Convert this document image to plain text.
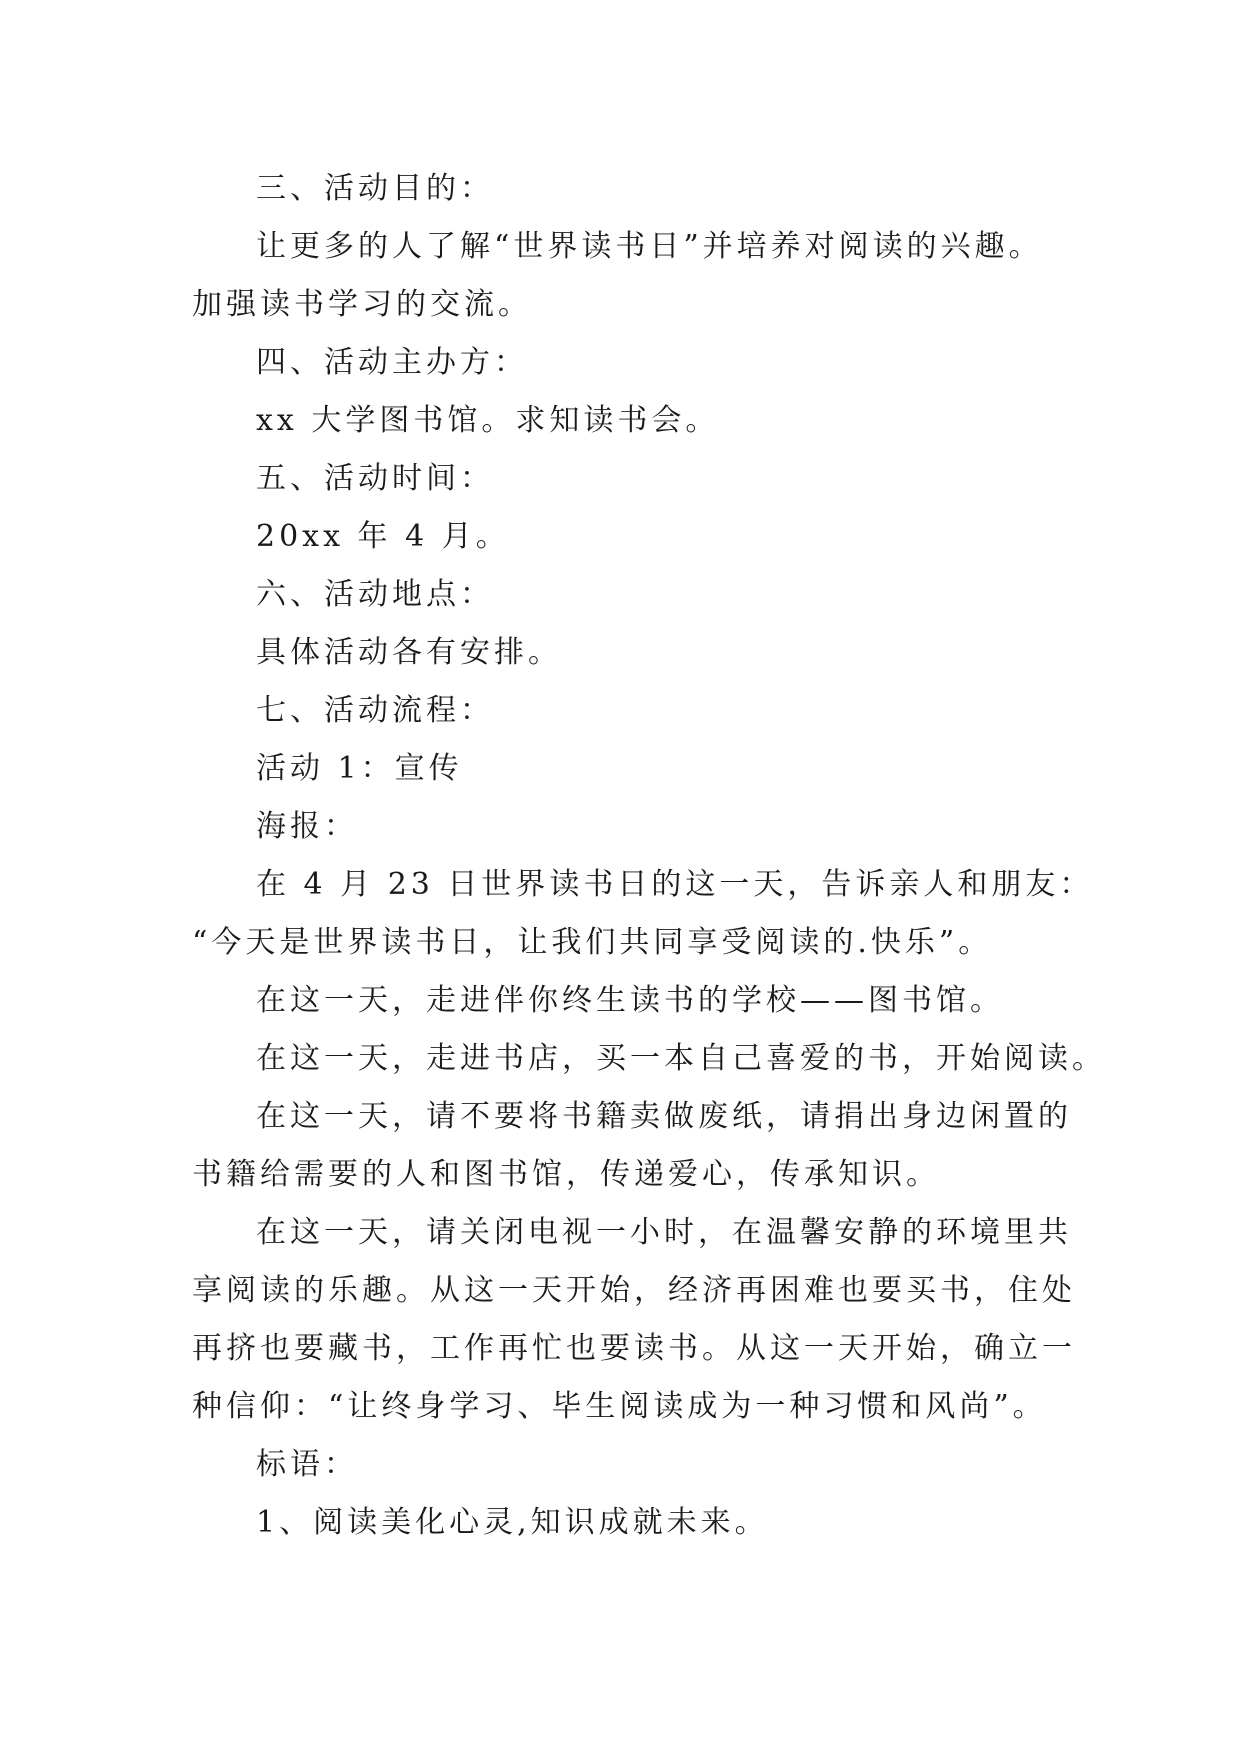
三、活动目的：

让更多的人了解“世界读书日”并培养对阅读的兴趣。

加强读书学习的交流。

四、活动主办方：

xx 大学图书馆。求知读书会。

五、活动时间：

20xx 年 4 月。

六、活动地点：

具体活动各有安排。

七、活动流程：

活动 1：宣传

海报：

在 4 月 23 日世界读书日的这一天，告诉亲人和朋友：

“今天是世界读书日，让我们共同享受阅读的.快乐”。

在这一天，走进伴你终生读书的学校——图书馆。

在这一天，走进书店，买一本自己喜爱的书，开始阅读。

在这一天，请不要将书籍卖做废纸，请捐出身边闲置的

书籍给需要的人和图书馆，传递爱心，传承知识。

在这一天，请关闭电视一小时，在温馨安静的环境里共

享阅读的乐趣。从这一天开始，经济再困难也要买书，住处

再挤也要藏书，工作再忙也要读书。从这一天开始，确立一

种信仰：“让终身学习、毕生阅读成为一种习惯和风尚”。

标语：

1、阅读美化心灵,知识成就未来。
